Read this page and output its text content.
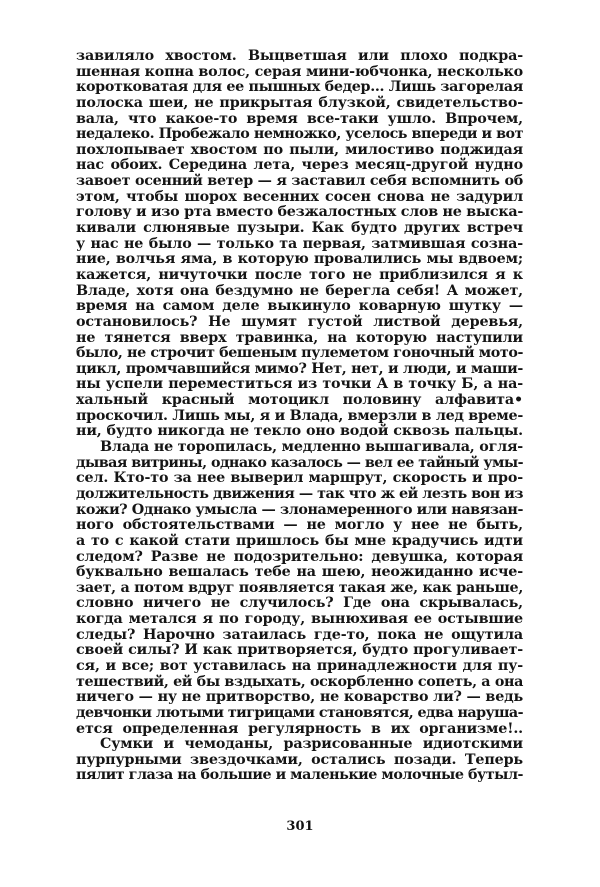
завиляло хвостом. Выцветшая или плохо подкра-
шенная копна волос, серая мини-юбчонка, несколько
коротковатая для ее пышных бедер... Лишь загорелая
полоска шеи, не прикрытая блузкой, свидетельство-
вала, что какое-то время все-таки ушло. Впрочем,
недалеко. Пробежало немножко, уселось впереди и вот
похлопывает хвостом по пыли, милостиво поджидая
нас обоих. Середина лета, через месяц-другой нудно
завоет осенний ветер — я заставил себя вспомнить об
этом, чтобы шорох весенних сосен снова не задурил
голову и изо рта вместо безжалостных слов не выска-
кивали слюнявые пузыри. Как будто других встреч
у нас не было — только та первая, затмившая созна-
ние, волчья яма, в которую провалились мы вдвоем;
кажется, ничуточки после того не приблизился я к
Владе, хотя она бездумно не берегла себя! А может,
время на самом деле выкинуло коварную шутку —
остановилось? Не шумят густой листвой деревья,
не тянется вверх травинка, на которую наступили
было, не строчит бешеным пулеметом гоночный мото-
цикл, промчавшийся мимо? Нет, нет, и люди, и маши-
ны успели переместиться из точки А в точку Б, а на-
хальный красный мотоцикл половину алфавита•
проскочил. Лишь мы, я и Влада, вмерзли в лед време-
ни, будто никогда не текло оно водой сквозь пальцы.
Влада не торопилась, медленно вышагивала, огля-
дывая витрины, однако казалось — вел ее тайный умы-
сел. Кто-то за нее выверил маршрут, скорость и про-
должительность движения — так что ж ей лезть вон из
кожи? Однако умысла — злонамеренного или навязан-
ного обстоятельствами — не могло у нее не быть,
а то с какой стати пришлось бы мне крадучись идти
следом? Разве не подозрительно: девушка, которая
буквально вешалась тебе на шею, неожиданно исче-
зает, а потом вдруг появляется такая же, как раньше,
словно ничего не случилось? Где она скрывалась,
когда метался я по городу, вынюхивая ее остывшие
следы? Нарочно затаилась где-то, пока не ощутила
своей силы? И как притворяется, будто прогуливает-
ся, и все; вот уставилась на принадлежности для пу-
тешествий, ей бы вздыхать, оскорбленно сопеть, а она
ничего — ну не притворство, не коварство ли? — ведь
девчонки лютыми тигрицами становятся, едва наруша-
ется определенная регулярность в их организме!..
Сумки и чемоданы, разрисованные идиотскими
пурпурными звездочками, остались позади. Теперь
пялит глаза на большие и маленькие молочные бутыл-
301
